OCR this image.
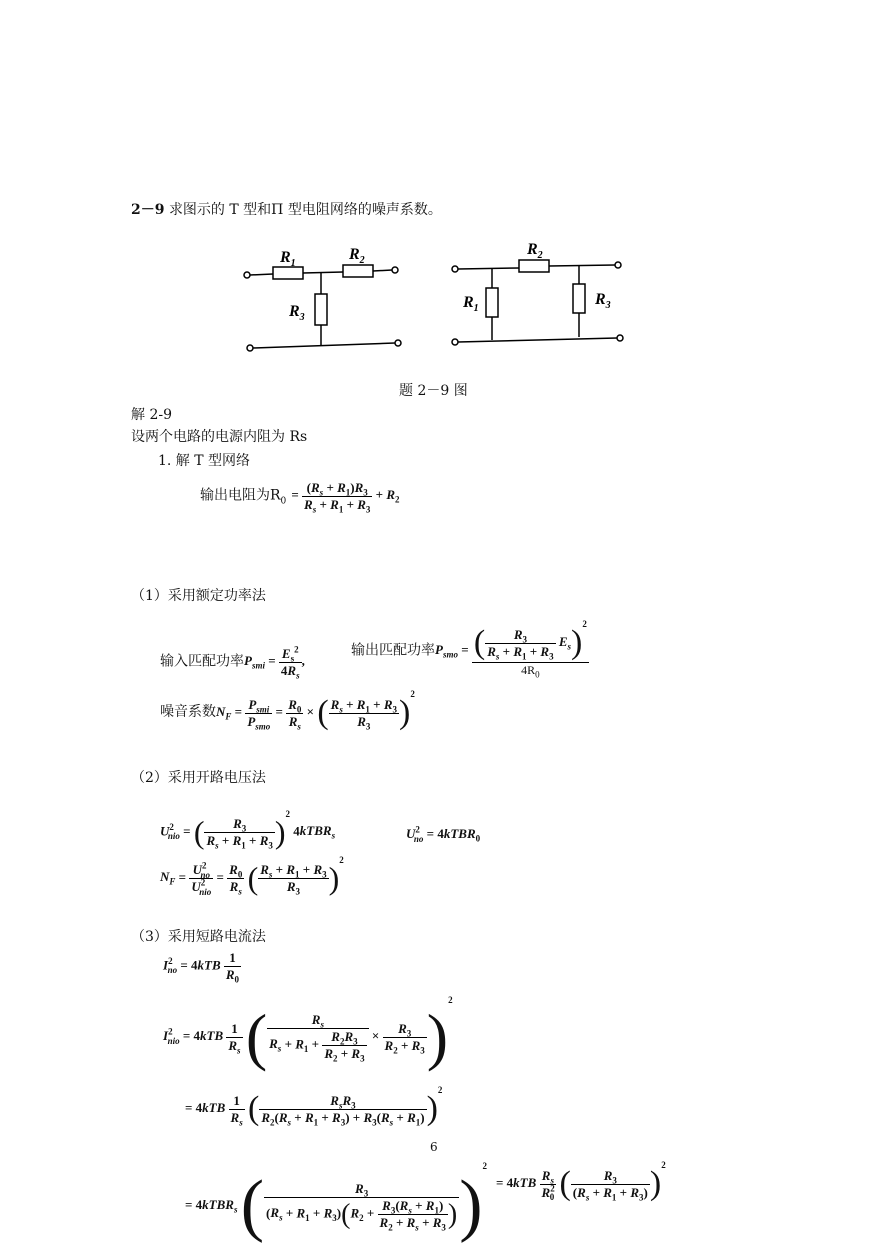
2－9 求图示的 T 型和Π 型电阻网络的噪声系数。
$R_1$
$R_2$
$R_3$
$R_2$
$R_1$
$R_3$
题 2－9 图
解 2-9
设两个电路的电源内阻为 Rs
1. 解 T 型网络
输出电阻为$R_0 = \frac{(R_s + R_1)R_3}{R_s + R_1 + R_3} + R_2$
（1）采用额定功率法
输入匹配功率$P_{smi} = \frac{E_s^2}{4R_s}$ ,
输出匹配功率$P_{smo} = \frac{( \frac{R_3}{R_s + R_1 + R_3} E_s)^2}{4R_0}$
噪音系数$N_F = P_{smi}$
$P_{smo}$
= $\frac{R_0}{R_s}$ × ( $\frac{R_s + R_1 + R_3}{R_3} )^2$
（2）采用开路电压法
$U^2_{nio}$ = ( $\frac{R_3}{R_s + R_1 + R_3} )^2$ 4kTBR$_s$	$U^2_{no}$ = 4kTBR$_0$
$N_F = U^2_{no}$
$U^2_{nio}$
= $\frac{R_0}{R_s}$ ( $\frac{R_s + R_1 + R_3}{R_3} )^2$
（3）采用短路电流法
$I^2_{no} = 4kTB \frac{1}{R_0}$
$I^2_{nio} = 4kTB \frac{1}{R_s}$ ( $\frac{R_s}{R_s + R_1 + \frac{R_2R_3}{R_2 + R_3}} \times \frac{R_3}{R_2 + R_3} )^2$
= $4kTB \frac{1}{R_s}$ (	$R_sR_3$
$R_2(R_s + R_1 + R_3) + R_3(R_s + R_1)$ )$^2$
6
= 4kTBR$_s$ ( $\frac{R_3}{(R_s + R_1 + R_3)(R_2 + \frac{R_3(R_s + R_1)}{R_2 + R_s + R_3} )} )^2$
= $4kTB \frac{R_s}{R^2_0}$ ( $\frac{R_3}{(R_s + R_1 + R_3)} )^2$
